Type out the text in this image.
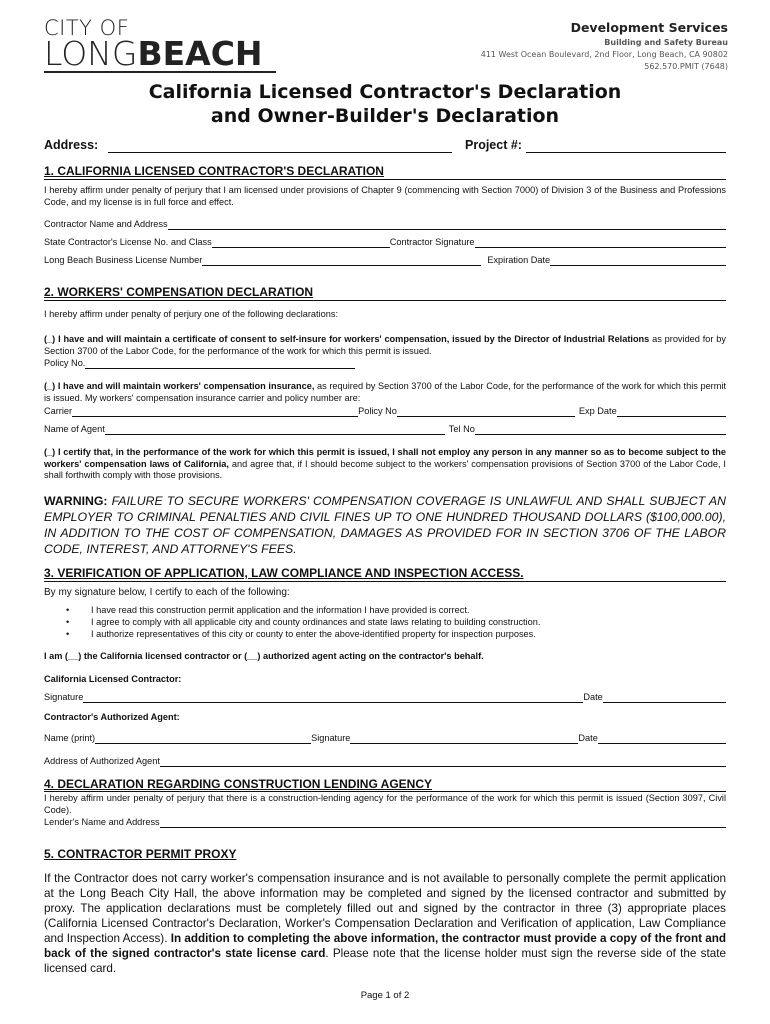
CITY OF
LONGBEACH
Development Services
Building and Safety Bureau
411 West Ocean Boulevard, 2nd Floor, Long Beach, CA 90802
562.570.PMIT (7648)
California Licensed Contractor's Declaration
and Owner-Builder's Declaration
Address:	Project #:
1. CALIFORNIA LICENSED CONTRACTOR'S DECLARATION
I hereby affirm under penalty of perjury that I am licensed under provisions of Chapter 9 (commencing with Section 7000) of Division 3 of the Business and Professions Code, and my license is in full force and effect.
Contractor Name and Address
State Contractor's License No. and Class	Contractor Signature
Long Beach Business License Number	Expiration Date
2. WORKERS' COMPENSATION DECLARATION
I hereby affirm under penalty of perjury one of the following declarations:
(_) I have and will maintain a certificate of consent to self-insure for workers' compensation, issued by the Director of Industrial Relations as provided for by Section 3700 of the Labor Code, for the performance of the work for which this permit is issued.
Policy No.
(_) I have and will maintain workers' compensation insurance, as required by Section 3700 of the Labor Code, for the performance of the work for which this permit is issued. My workers' compensation insurance carrier and policy number are:
Carrier	Policy No	Exp Date
Name of Agent	Tel No
(_) I certify that, in the performance of the work for which this permit is issued, I shall not employ any person in any manner so as to become subject to the workers' compensation laws of California, and agree that, if I should become subject to the workers' compensation provisions of Section 3700 of the Labor Code, I shall forthwith comply with those provisions.
WARNING: FAILURE TO SECURE WORKERS' COMPENSATION COVERAGE IS UNLAWFUL AND SHALL SUBJECT AN EMPLOYER TO CRIMINAL PENALTIES AND CIVIL FINES UP TO ONE HUNDRED THOUSAND DOLLARS ($100,000.00), IN ADDITION TO THE COST OF COMPENSATION, DAMAGES AS PROVIDED FOR IN SECTION 3706 OF THE LABOR CODE, INTEREST, AND ATTORNEY'S FEES.
3. VERIFICATION OF APPLICATION, LAW COMPLIANCE AND INSPECTION ACCESS.
By my signature below, I certify to each of the following:
• I have read this construction permit application and the information I have provided is correct.
• I agree to comply with all applicable city and county ordinances and state laws relating to building construction.
• I authorize representatives of this city or county to enter the above-identified property for inspection purposes.
I am (__) the California licensed contractor or (__) authorized agent acting on the contractor's behalf.
California Licensed Contractor:
Signature	Date
Contractor's Authorized Agent:
Name (print)	Signature	Date
Address of Authorized Agent
4. DECLARATION REGARDING CONSTRUCTION LENDING AGENCY
I hereby affirm under penalty of perjury that there is a construction-lending agency for the performance of the work for which this permit is issued (Section 3097, Civil Code).
Lender's Name and Address
5. CONTRACTOR PERMIT PROXY
If the Contractor does not carry worker's compensation insurance and is not available to personally complete the permit application at the Long Beach City Hall, the above information may be completed and signed by the licensed contractor and submitted by proxy. The application declarations must be completely filled out and signed by the contractor in three (3) appropriate places (California Licensed Contractor's Declaration, Worker's Compensation Declaration and Verification of application, Law Compliance and Inspection Access). In addition to completing the above information, the contractor must provide a copy of the front and back of the signed contractor's state license card. Please note that the license holder must sign the reverse side of the state licensed card.
Page 1 of 2
